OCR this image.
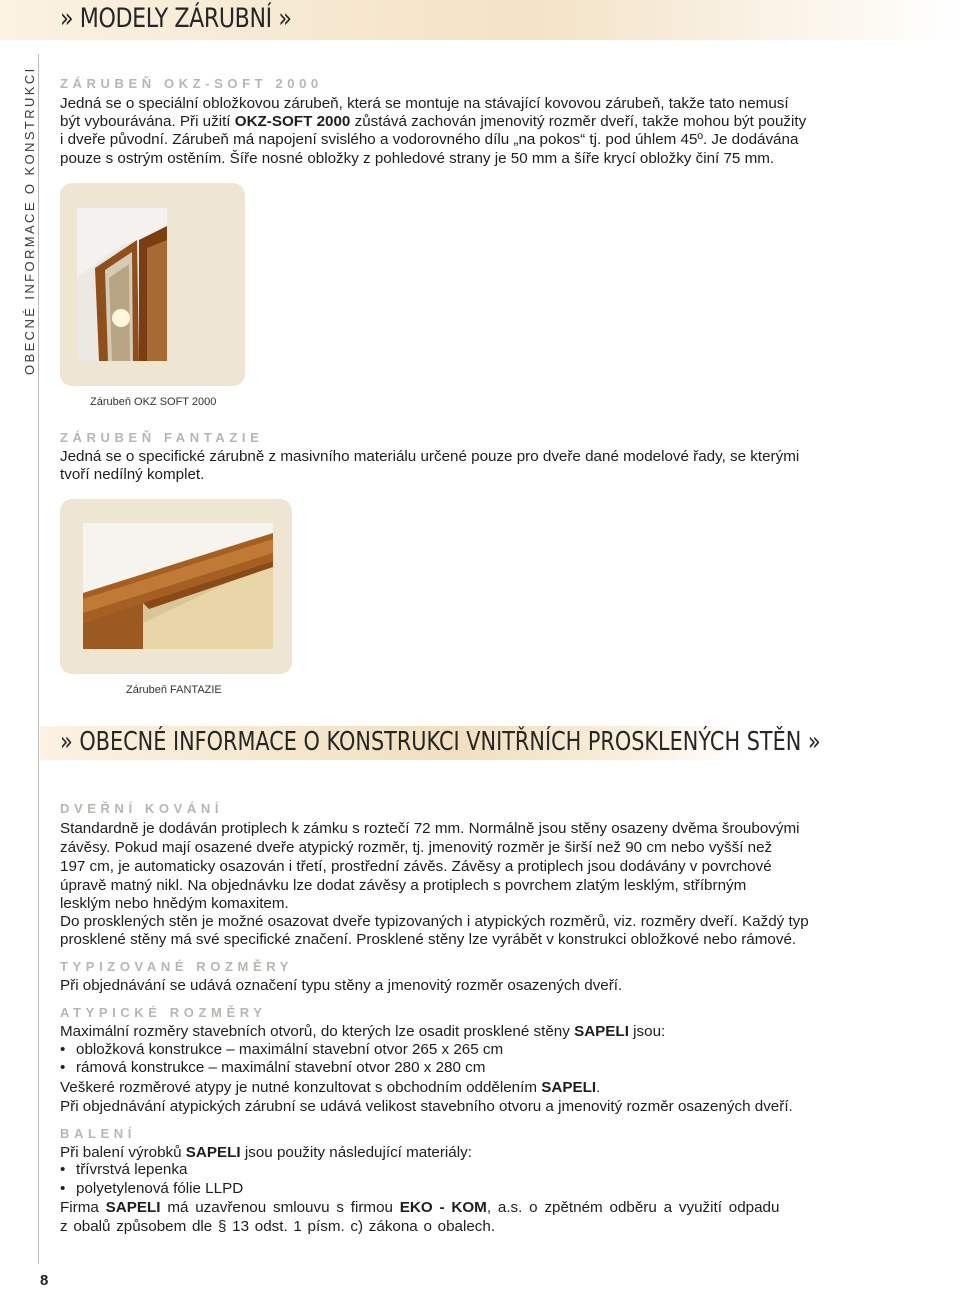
» MODELY ZÁRUBNÍ »
OBECNÉ INFORMACE O KONSTRUKCI
8
ZÁRUBEŇ OKZ-SOFT 2000
Jedná se o speciální obložkovou zárubeň, která se montuje na stávající kovovou zárubeň, takže tato nemusí
být vybourávána. Při užití OKZ-SOFT 2000 zůstává zachován jmenovitý rozměr dveří, takže mohou být použity
i dveře původní. Zárubeň má napojení svislého a vodorovného dílu „na pokos“ tj. pod úhlem 45º. Je dodávána
pouze s ostrým ostěním. Šíře nosné obložky z pohledové strany je 50 mm a šíře krycí obložky činí 75 mm.
Zárubeň OKZ SOFT 2000
ZÁRUBEŇ FANTAZIE
Jedná se o specifické zárubně z masivního materiálu určené pouze pro dveře dané modelové řady, se kterými
tvoří nedílný komplet.
Zárubeň FANTAZIE
» OBECNÉ INFORMACE O KONSTRUKCI VNITŘNÍCH PROSKLENÝCH STĚN »
DVEŘNÍ KOVÁNÍ
Standardně je dodáván protiplech k zámku s roztečí 72 mm. Normálně jsou stěny osazeny dvěma šroubovými
závěsy. Pokud mají osazené dveře atypický rozměr, tj. jmenovitý rozměr je širší než 90 cm nebo vyšší než
197 cm, je automaticky osazován i třetí, prostřední závěs. Závěsy a protiplech jsou dodávány v povrchové
úpravě matný nikl. Na objednávku lze dodat závěsy a protiplech s povrchem zlatým lesklým, stříbrným
lesklým nebo hnědým komaxitem.
Do prosklených stěn je možné osazovat dveře typizovaných i atypických rozměrů, viz. rozměry dveří. Každý typ
prosklené stěny má své specifické značení. Prosklené stěny lze vyrábět v konstrukci obložkové nebo rámové.
TYPIZOVANÉ ROZMĚRY
Při objednávání se udává označení typu stěny a jmenovitý rozměr osazených dveří.
ATYPICKÉ ROZMĚRY
Maximální rozměry stavebních otvorů, do kterých lze osadit prosklené stěny SAPELI jsou:
• obložková konstrukce – maximální stavební otvor 265 x 265 cm
• rámová konstrukce – maximální stavební otvor 280 x 280 cm
Veškeré rozměrové atypy je nutné konzultovat s obchodním oddělením SAPELI.
Při objednávání atypických zárubní se udává velikost stavebního otvoru a jmenovitý rozměr osazených dveří.
BALENÍ
Při balení výrobků SAPELI jsou použity následující materiály:
• třívrstvá lepenka
• polyetylenová fólie LLPD
Firma SAPELI má uzavřenou smlouvu s firmou EKO - KOM, a.s. o zpětném odběru a využití odpadu
z obalů způsobem dle § 13 odst. 1 písm. c) zákona o obalech.
